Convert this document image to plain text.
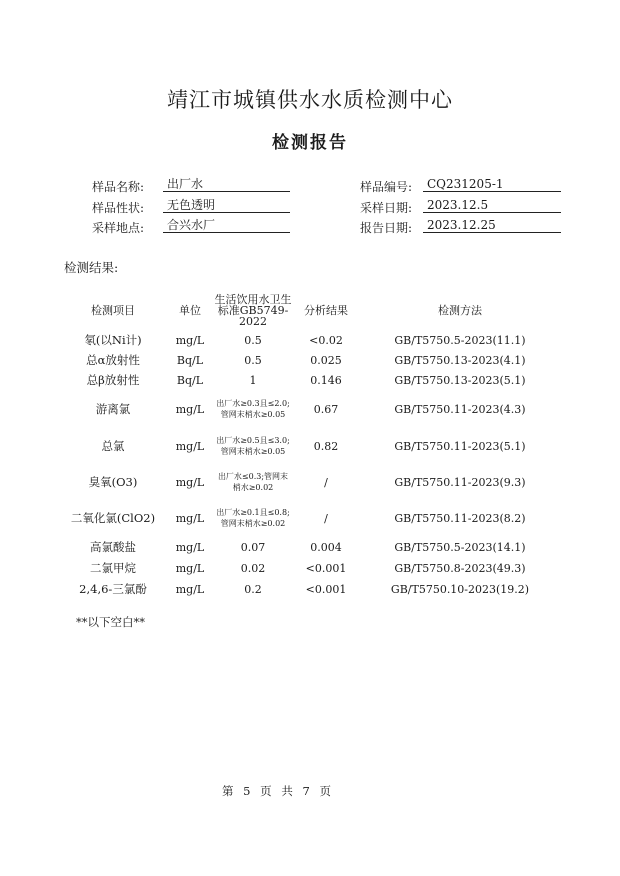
靖江市城镇供水水质检测中心
检测报告
样品名称:	出厂水
样品性状:	无色透明
采样地点:	合兴水厂
样品编号:	CQ231205-1
采样日期:	2023.12.5
报告日期:	2023.12.25
检测结果:
检测项目	单位	生活饮用水卫生标准GB5749-2022	分析结果	检测方法
氡(以Ni计)	mg/L	0.5	<0.02	GB/T5750.5-2023(11.1)
总α放射性	Bq/L	0.5	0.025	GB/T5750.13-2023(4.1)
总β放射性	Bq/L	1	0.146	GB/T5750.13-2023(5.1)
游离氯	mg/L	出厂水≥0.3且≤2.0;管网末梢水≥0.05	0.67	GB/T5750.11-2023(4.3)
总氯	mg/L	出厂水≥0.5且≤3.0;管网末梢水≥0.05	0.82	GB/T5750.11-2023(5.1)
臭氧(O3)	mg/L	出厂水≤0.3;管网末梢水≥0.02	/	GB/T5750.11-2023(9.3)
二氧化氯(ClO2)	mg/L	出厂水≥0.1且≤0.8;管网末梢水≥0.02	/	GB/T5750.11-2023(8.2)
高氯酸盐	mg/L	0.07	0.004	GB/T5750.5-2023(14.1)
二氯甲烷	mg/L	0.02	<0.001	GB/T5750.8-2023(49.3)
2,4,6-三氯酚	mg/L	0.2	<0.001	GB/T5750.10-2023(19.2)
**以下空白**
第 5 页 共 7 页
